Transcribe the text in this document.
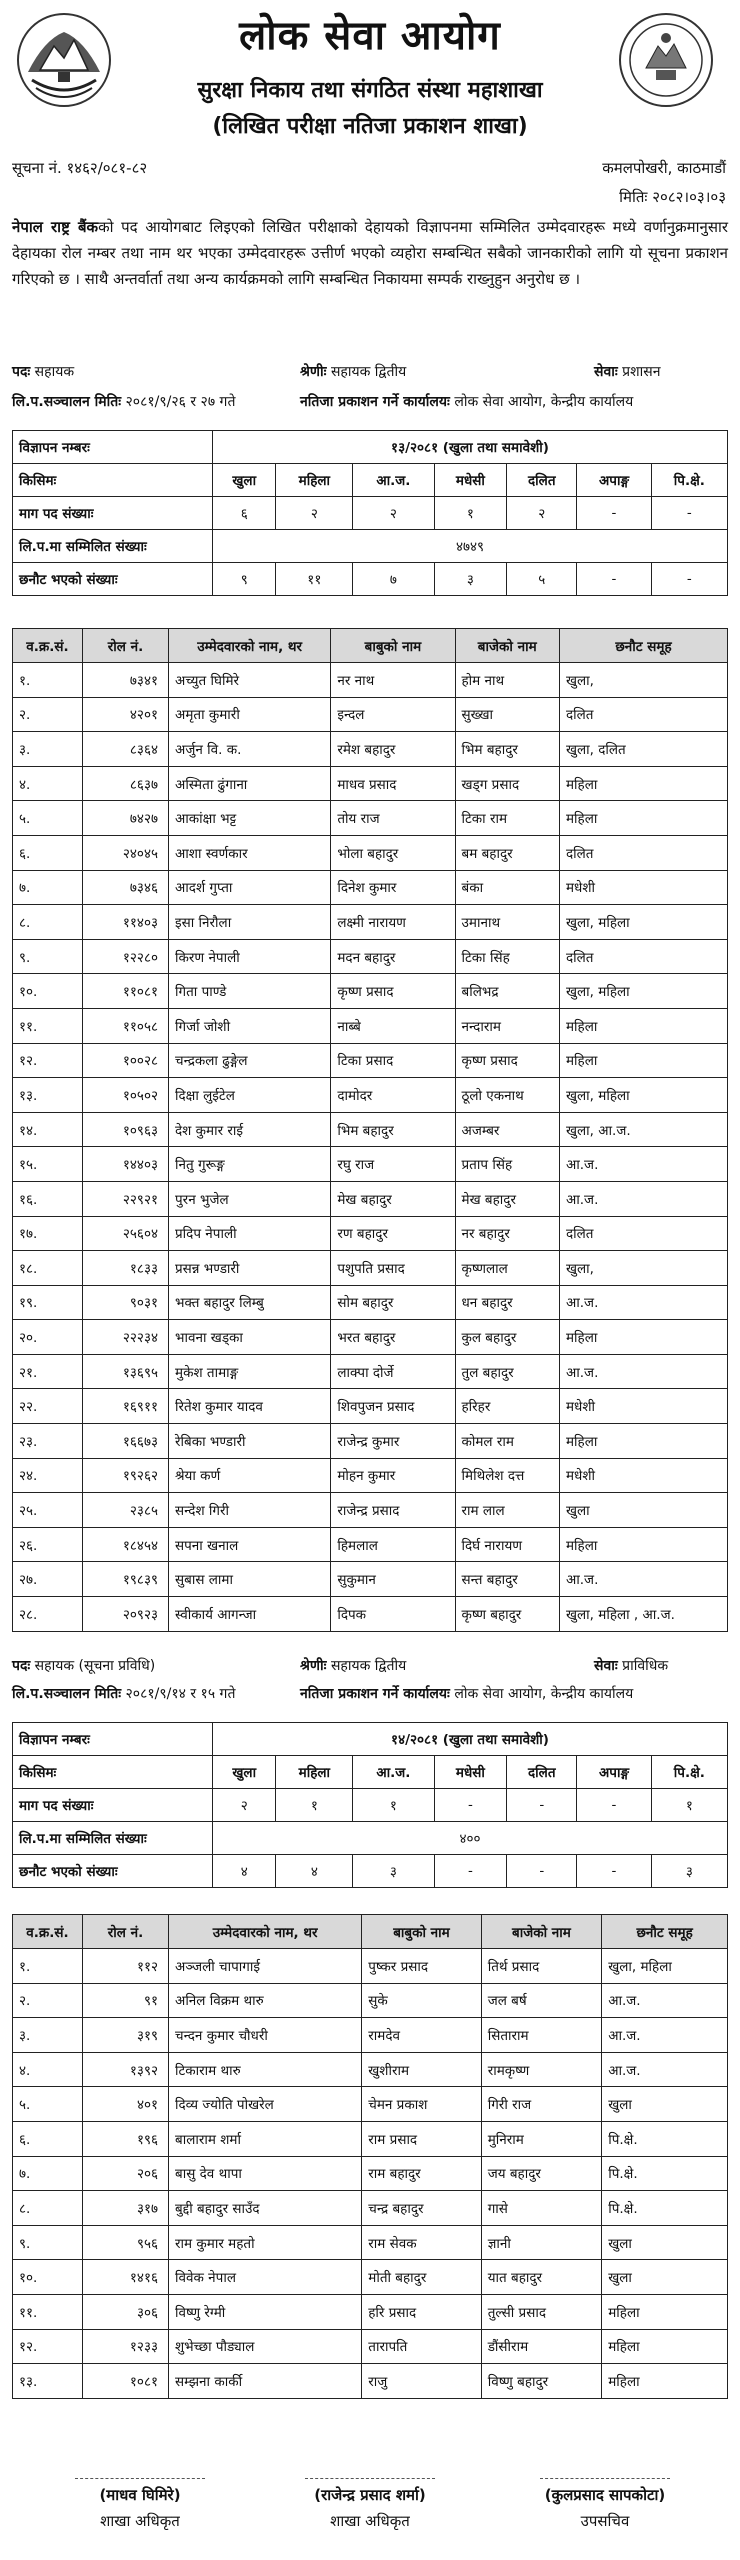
लोक सेवा आयोग
सुरक्षा निकाय तथा संगठित संस्था महाशाखा
(लिखित परीक्षा नतिजा प्रकाशन शाखा)
सूचना नं. १४६२/०८१-८२	कमलपोखरी, काठमाडौं
मितिः २०८२।०३।०३
नेपाल राष्ट्र बैंकको पद आयोगबाट लिइएको लिखित परीक्षाको देहायको विज्ञापनमा सम्मिलित उम्मेदवारहरू मध्ये वर्णानुक्रमानुसार देहायका रोल नम्बर तथा नाम थर भएका उम्मेदवारहरू उत्तीर्ण भएको व्यहोरा सम्बन्धित सबैको जानकारीको लागि यो सूचना प्रकाशन गरिएको छ । साथै अन्तर्वार्ता तथा अन्य कार्यक्रमको लागि सम्बन्धित निकायमा सम्पर्क राख्नुहुन अनुरोध छ ।
पदः सहायक	श्रेणीः सहायक द्वितीय	सेवाः प्रशासन
लि.प.सञ्चालन मितिः २०८१/९/२६ र २७ गते	नतिजा प्रकाशन गर्ने कार्यालयः लोक सेवा आयोग, केन्द्रीय कार्यालय
विज्ञापन नम्बरः	१३/२०८१ (खुला तथा समावेशी)						
किसिमः	खुला	महिला	आ.ज.	मधेसी	दलित	अपाङ्ग	पि.क्षे.
माग पद संख्याः	६	२	२	१	२	-	-
लि.प.मा सम्मिलित संख्याः	४७४९						
छनौट भएको संख्याः	९	११	७	३	५	-	-
व.क्र.सं.	रोल नं.	उम्मेदवारको नाम, थर	बाबुको नाम	बाजेको नाम	छनौट समूह
१.	७३४१	अच्युत घिमिरे	नर नाथ	होम नाथ	खुला,
२.	४२०१	अमृता कुमारी	इन्दल	सुख्खा	दलित
३.	८३६४	अर्जुन वि. क.	रमेश बहादुर	भिम बहादुर	खुला, दलित
४.	८६३७	अस्मिता ढुंगाना	माधव प्रसाद	खड्ग प्रसाद	महिला
५.	७४२७	आकांक्षा भट्ट	तोय राज	टिका राम	महिला
६.	२४०४५	आशा स्वर्णकार	भोला बहादुर	बम बहादुर	दलित
७.	७३४६	आदर्श गुप्ता	दिनेश कुमार	बंका	मधेशी
८.	११४०३	इसा निरौला	लक्ष्मी नारायण	उमानाथ	खुला, महिला
९.	१२२८०	किरण नेपाली	मदन बहादुर	टिका सिंह	दलित
१०.	११०८१	गिता पाण्डे	कृष्ण प्रसाद	बलिभद्र	खुला, महिला
११.	११०५८	गिर्जा जोशी	नाब्बे	नन्दाराम	महिला
१२.	१००२८	चन्द्रकला ढुङ्गेल	टिका प्रसाद	कृष्ण प्रसाद	महिला
१३.	१०५०२	दिक्षा लुईटेल	दामोदर	ठूलो एकनाथ	खुला, महिला
१४.	१०९६३	देश कुमार राई	भिम बहादुर	अजम्बर	खुला, आ.ज.
१५.	१४४०३	नितु गुरूङ्ग	रघु राज	प्रताप सिंह	आ.ज.
१६.	२२९२१	पुरन भुजेल	मेख बहादुर	मेख बहादुर	आ.ज.
१७.	२५६०४	प्रदिप नेपाली	रण बहादुर	नर बहादुर	दलित
१८.	१८३३	प्रसन्न भण्डारी	पशुपति प्रसाद	कृष्णलाल	खुला,
१९.	९०३१	भक्त बहादुर लिम्बु	सोम बहादुर	धन बहादुर	आ.ज.
२०.	२२२३४	भावना खड्का	भरत बहादुर	कुल बहादुर	महिला
२१.	१३६९५	मुकेश तामाङ्ग	लाक्पा दोर्जे	तुल बहादुर	आ.ज.
२२.	१६९११	रितेश कुमार यादव	शिवपुजन प्रसाद	हरिहर	मधेशी
२३.	१६६७३	रेबिका भण्डारी	राजेन्द्र कुमार	कोमल राम	महिला
२४.	१९२६२	श्रेया कर्ण	मोहन कुमार	मिथिलेश दत्त	मधेशी
२५.	२३८५	सन्देश गिरी	राजेन्द्र प्रसाद	राम लाल	खुला
२६.	१८४५४	सपना खनाल	हिमलाल	दिर्घ नारायण	महिला
२७.	१९८३९	सुबास लामा	सुकुमान	सन्त बहादुर	आ.ज.
२८.	२०९२३	स्वीकार्य आगन्जा	दिपक	कृष्ण बहादुर	खुला, महिला , आ.ज.
पदः सहायक (सूचना प्रविधि)	श्रेणीः सहायक द्वितीय	सेवाः प्राविधिक
लि.प.सञ्चालन मितिः २०८१/९/१४ र १५ गते	नतिजा प्रकाशन गर्ने कार्यालयः लोक सेवा आयोग, केन्द्रीय कार्यालय
विज्ञापन नम्बरः	१४/२०८१ (खुला तथा समावेशी)						
किसिमः	खुला	महिला	आ.ज.	मधेसी	दलित	अपाङ्ग	पि.क्षे.
माग पद संख्याः	२	१	१	-	-	-	१
लि.प.मा सम्मिलित संख्याः	४००						
छनौट भएको संख्याः	४	४	३	-	-	-	३
व.क्र.सं.	रोल नं.	उम्मेदवारको नाम, थर	बाबुको नाम	बाजेको नाम	छनौट समूह
१.	११२	अञ्जली चापागाई	पुष्कर प्रसाद	तिर्थ प्रसाद	खुला, महिला
२.	९१	अनिल विक्रम थारु	सुके	जल बर्ष	आ.ज.
३.	३१९	चन्दन कुमार चौधरी	रामदेव	सिताराम	आ.ज.
४.	१३९२	टिकाराम थारु	खुशीराम	रामकृष्ण	आ.ज.
५.	४०१	दिव्य ज्योति पोखरेल	चेमन प्रकाश	गिरी राज	खुला
६.	१९६	बालाराम शर्मा	राम प्रसाद	मुनिराम	पि.क्षे.
७.	२०६	बासु देव थापा	राम बहादुर	जय बहादुर	पि.क्षे.
८.	३१७	बुद्दी बहादुर साउँद	चन्द्र बहादुर	गासे	पि.क्षे.
९.	९५६	राम कुमार महतो	राम सेवक	ज्ञानी	खुला
१०.	१४१६	विवेक नेपाल	मोती बहादुर	यात बहादुर	खुला
११.	३०६	विष्णु रेग्मी	हरि प्रसाद	तुल्सी प्रसाद	महिला
१२.	१२३३	शुभेच्छा पौड्याल	तारापति	डौंसीराम	महिला
१३.	१०८१	सम्झना कार्की	राजु	विष्णु बहादुर	महिला
(माधव घिमिरे)
शाखा अधिकृत
(राजेन्द्र प्रसाद शर्मा)
शाखा अधिकृत
(कुलप्रसाद सापकोटा)
उपसचिव
